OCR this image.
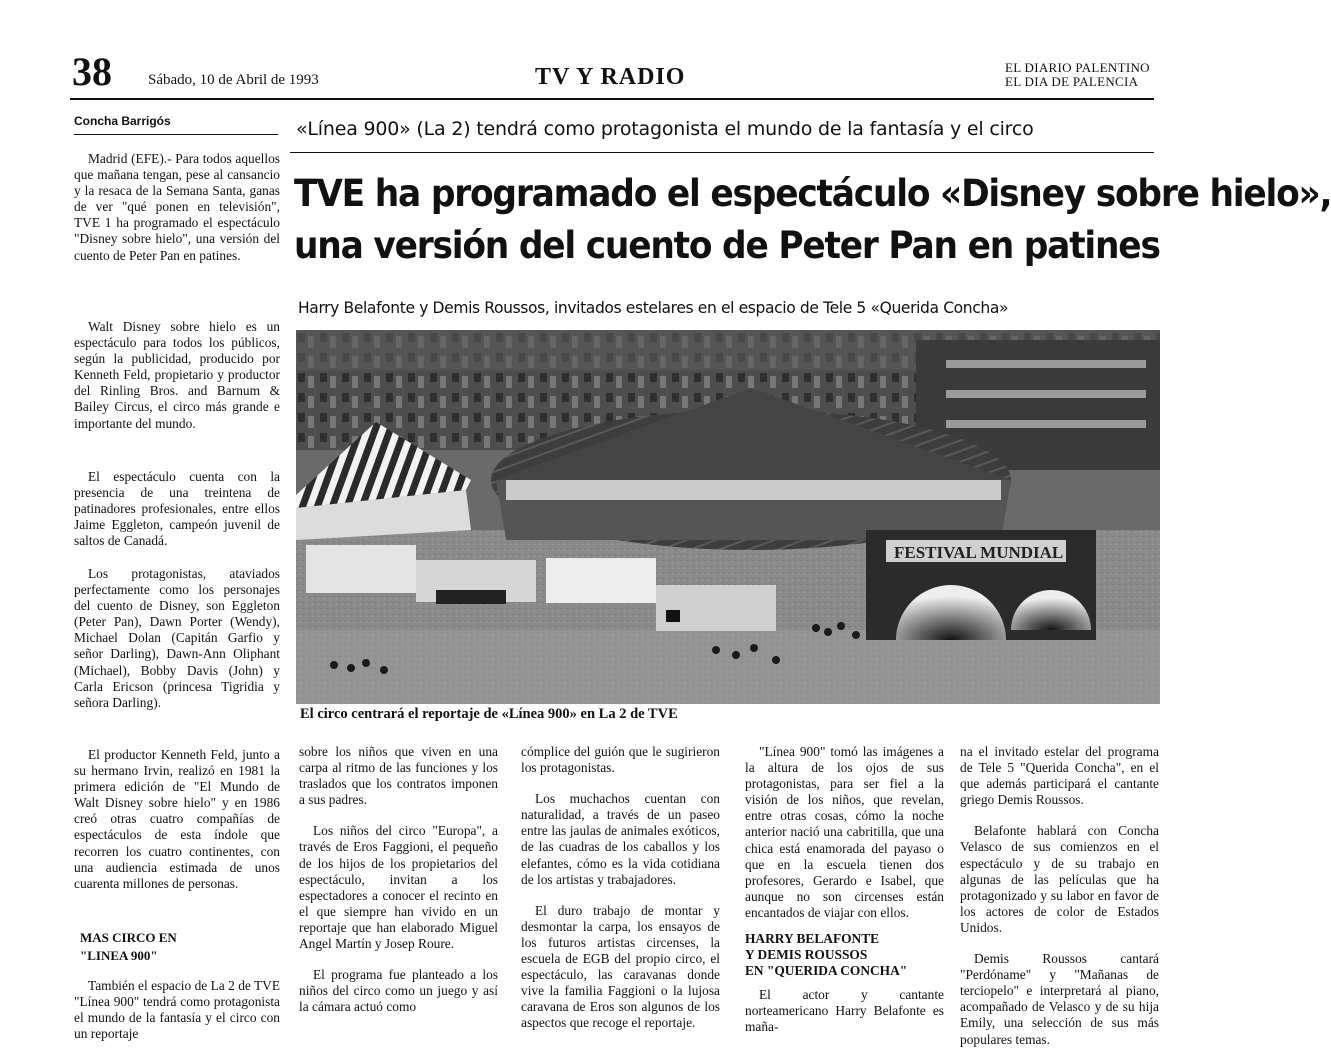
38 Sábado, 10 de Abril de 1993	TV Y RADIO	EL DIARIO PALENTINO
EL DIA DE PALENCIA
Concha Barrigós

Madrid (EFE).- Para todos aquellos que mañana tengan, pese al cansancio y la resaca de la Semana Santa, ganas de ver "qué ponen en televisión", TVE 1 ha programado el espectáculo "Disney sobre hielo", una versión del cuento de Peter Pan en patines.

Walt Disney sobre hielo es un espectáculo para todos los públicos, según la publicidad, producido por Kenneth Feld, propietario y productor del Rinling Bros. and Barnum & Bailey Circus, el circo más grande e importante del mundo.

El espectáculo cuenta con la presencia de una treintena de patinadores profesionales, entre ellos Jaime Eggleton, campeón juvenil de saltos de Canadá.

Los protagonistas, ataviados perfectamente como los personajes del cuento de Disney, son Eggleton (Peter Pan), Dawn Porter (Wendy), Michael Dolan (Capitán Garfio y señor Darling), Dawn-Ann Oliphant (Michael), Bobby Davis (John) y Carla Ericson (princesa Tigridia y señora Darling).

El productor Kenneth Feld, junto a su hermano Irvin, realizó en 1981 la primera edición de "El Mundo de Walt Disney sobre hielo" y en 1986 creó otras cuatro compañías de espectáculos de esta índole que recorren los cuatro continentes, con una audiencia estimada de unos cuarenta millones de personas.

MAS CIRCO EN
"LINEA 900"

También el espacio de La 2 de TVE "Línea 900" tendrá como protagonista el mundo de la fantasía y el circo con un reportaje

«Línea 900» (La 2) tendrá como protagonista el mundo de la fantasía y el circo
TVE ha programado el espectáculo «Disney sobre hielo»,
una versión del cuento de Peter Pan en patines
Harry Belafonte y Demis Roussos, invitados estelares en el espacio de Tele 5 «Querida Concha»
FESTIVAL MUNDIAL
El circo centrará el reportaje de «Línea 900» en La 2 de TVE

sobre los niños que viven en una carpa al ritmo de las funciones y los traslados que los contratos imponen a sus padres.

Los niños del circo "Europa", a través de Eros Faggioni, el pequeño de los hijos de los propietarios del espectáculo, invitan a los espectadores a conocer el recinto en el que siempre han vivido en un reportaje que han elaborado Miguel Angel Martín y Josep Roure.

El programa fue planteado a los niños del circo como un juego y así la cámara actuó como

cómplice del guión que le sugirieron los protagonistas.

Los muchachos cuentan con naturalidad, a través de un paseo entre las jaulas de animales exóticos, de las cuadras de los caballos y los elefantes, cómo es la vida cotidiana de los artistas y trabajadores.

El duro trabajo de montar y desmontar la carpa, los ensayos de los futuros artistas circenses, la escuela de EGB del propio circo, el espectáculo, las caravanas donde vive la familia Faggioni o la lujosa caravana de Eros son algunos de los aspectos que recoge el reportaje.

"Línea 900" tomó las imágenes a la altura de los ojos de sus protagonistas, para ser fiel a la visión de los niños, que revelan, entre otras cosas, cómo la noche anterior nació una cabritilla, que una chica está enamorada del payaso o que en la escuela tienen dos profesores, Gerardo e Isabel, que aunque no son circenses están encantados de viajar con ellos.

HARRY BELAFONTE
Y DEMIS ROUSSOS
EN "QUERIDA CONCHA"

El actor y cantante norteamericano Harry Belafonte es maña-

na el invitado estelar del programa de Tele 5 "Querida Concha", en el que además participará el cantante griego Demis Roussos.

Belafonte hablará con Concha Velasco de sus comienzos en el espectáculo y de su trabajo en algunas de las películas que ha protagonizado y su labor en favor de los actores de color de Estados Unidos.

Demis Roussos cantará "Perdóname" y "Mañanas de terciopelo" e interpretará al piano, acompañado de Velasco y de su hija Emily, una selección de sus más populares temas.
